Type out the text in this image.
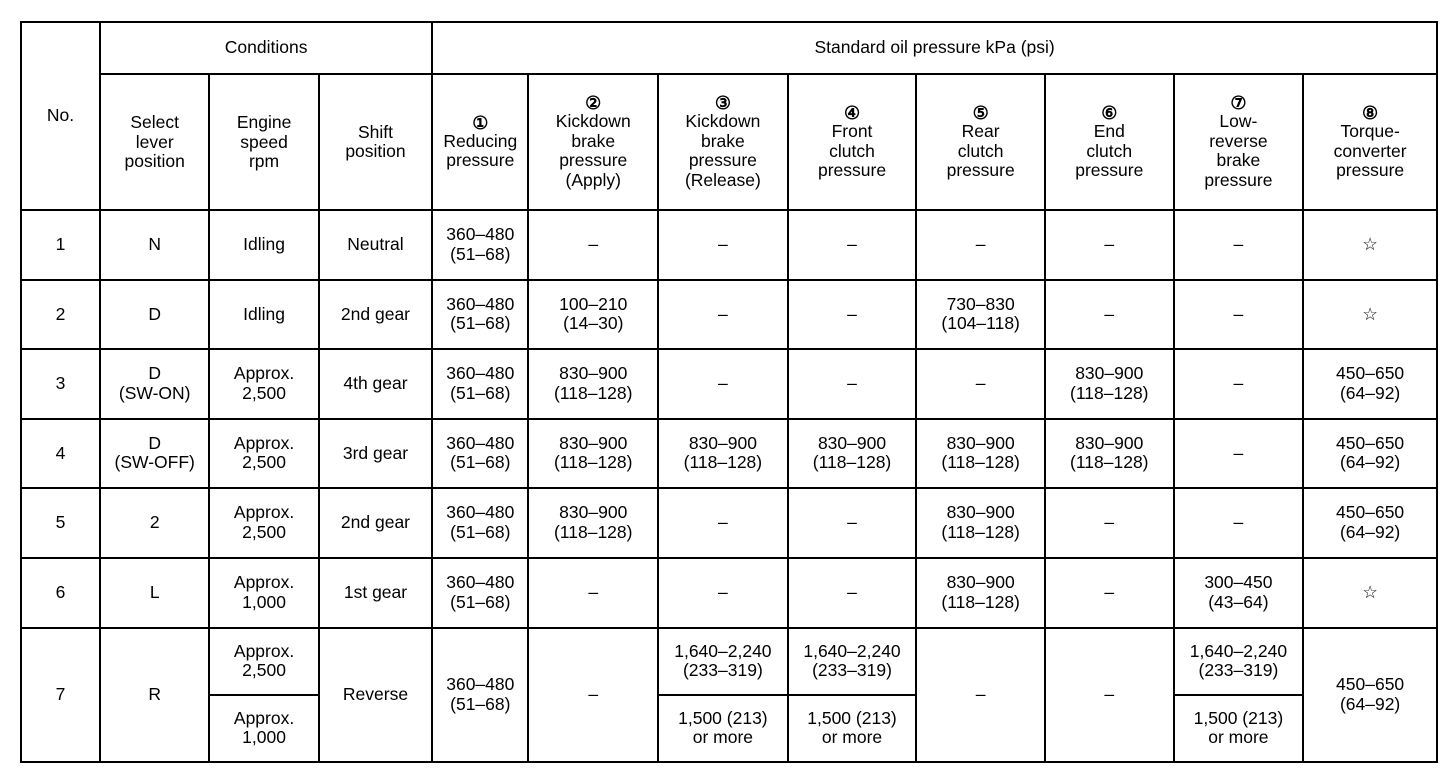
No.	Conditions			Standard oil pressure kPa (psi)							
	Select
lever
position	Engine
speed
rpm	Shift
position	①
Reducing
pressure	②
Kickdown
brake
pressure
(Apply)	③
Kickdown
brake
pressure
(Release)	④
Front
clutch
pressure	⑤
Rear
clutch
pressure	⑥
End
clutch
pressure	⑦
Low-
reverse
brake
pressure	⑧
Torque-
converter
pressure

1	N	Idling	Neutral	360–480
(51–68)	–	–	–	–	–	–	☆
2	D	Idling	2nd gear	360–480
(51–68)	100–210
(14–30)	–	–	730–830
(104–118)	–	–	☆
3	D
(SW-ON)	Approx.
2,500	4th gear	360–480
(51–68)	830–900
(118–128)	–	–	–	830–900
(118–128)	–	450–650
(64–92)
4	D
(SW-OFF)	Approx.
2,500	3rd gear	360–480
(51–68)	830–900
(118–128)	830–900
(118–128)	830–900
(118–128)	830–900
(118–128)	830–900
(118–128)	–	450–650
(64–92)
5	2	Approx.
2,500	2nd gear	360–480
(51–68)	830–900
(118–128)	–	–	830–900
(118–128)	–	–	450–650
(64–92)
6	L	Approx.
1,000	1st gear	360–480
(51–68)	–	–	–	830–900
(118–128)	–	300–450
(43–64)	☆
7	R	Approx.
2,500	Reverse	360–480
(51–68)	–	1,640–2,240
(233–319)	1,640–2,240
(233–319)	–	–	1,640–2,240
(233–319)	450–650
(64–92)
		Approx.
1,000				1,500 (213)
or more	1,500 (213)
or more			1,500 (213)
or more	
